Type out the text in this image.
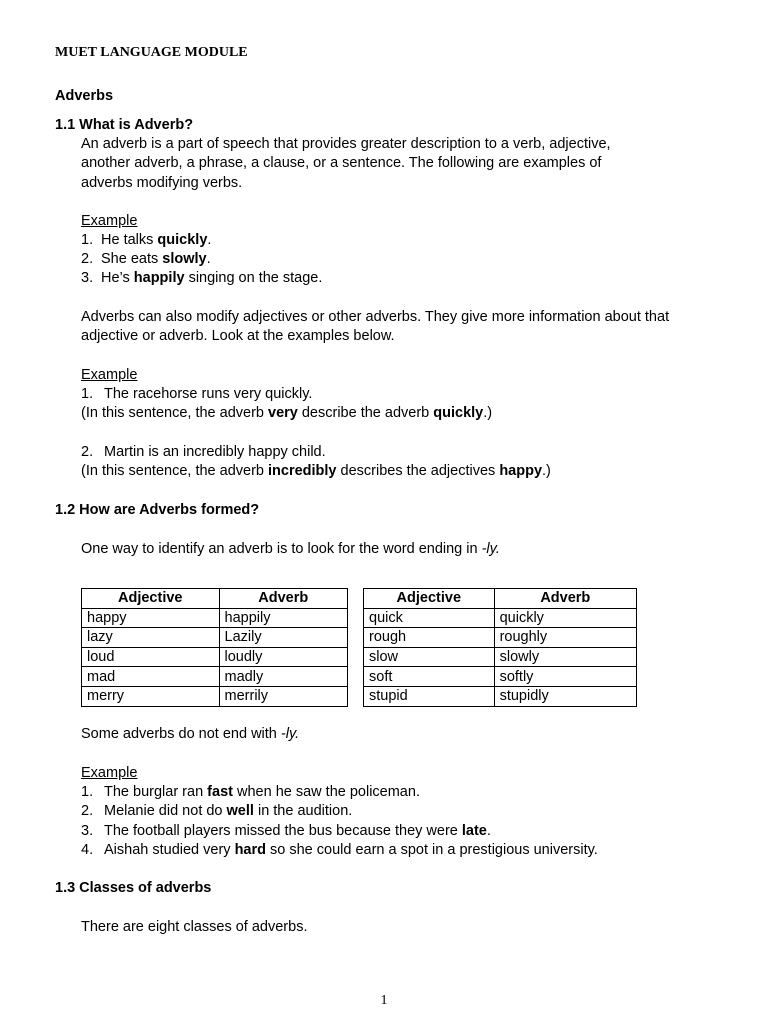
MUET LANGUAGE MODULE
Adverbs
1.1 What is Adverb?
An adverb is a part of speech that provides greater description to a verb, adjective,
another adverb, a phrase, a clause, or a sentence. The following are examples of
adverbs modifying verbs.
Example
1. He talks quickly.
2. She eats slowly.
3. He’s happily singing on the stage.
Adverbs can also modify adjectives or other adverbs. They give more information about that
adjective or adverb. Look at the examples below.
Example
1. The racehorse runs very quickly.
(In this sentence, the adverb very describe the adverb quickly.)
2. Martin is an incredibly happy child.
(In this sentence, the adverb incredibly describes the adjectives happy.)
1.2 How are Adverbs formed?
One way to identify an adverb is to look for the word ending in -ly.
Adjective	Adverb
happy	happily
lazy	Lazily
loud	loudly
mad	madly
merry	merrily
Adjective	Adverb
quick	quickly
rough	roughly
slow	slowly
soft	softly
stupid	stupidly
Some adverbs do not end with -ly.
Example
1. The burglar ran fast when he saw the policeman.
2. Melanie did not do well in the audition.
3. The football players missed the bus because they were late.
4. Aishah studied very hard so she could earn a spot in a prestigious university.
1.3 Classes of adverbs
There are eight classes of adverbs.
1
